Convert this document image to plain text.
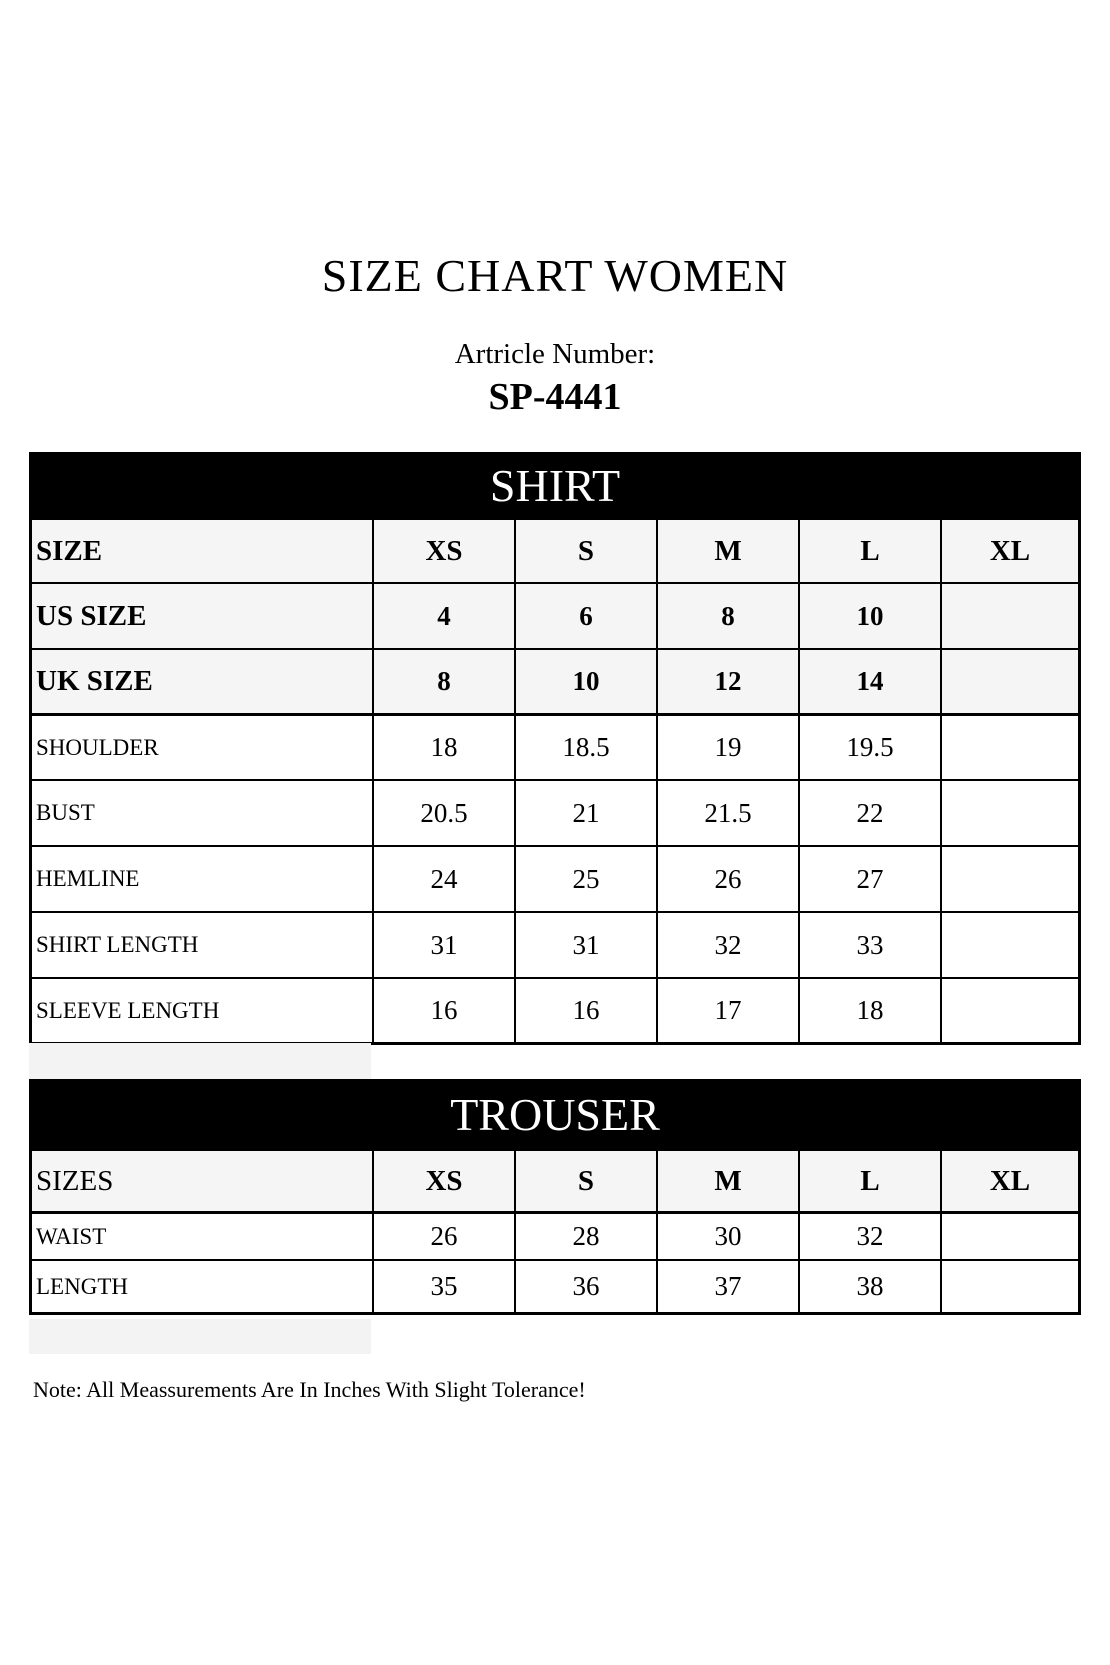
SIZE CHART WOMEN
Artricle Number:
SP-4441
SHIRT
SIZE	XS	S	M	L	XL
US SIZE	4	6	8	10
UK SIZE	8	10	12	14
SHOULDER	18	18.5	19	19.5
BUST	20.5	21	21.5	22
HEMLINE	24	25	26	27
SHIRT LENGTH	31	31	32	33
SLEEVE LENGTH	16	16	17	18
TROUSER
SIZES	XS	S	M	L	XL
WAIST	26	28	30	32
LENGTH	35	36	37	38
Note: All Meassurements Are In Inches With Slight Tolerance!
